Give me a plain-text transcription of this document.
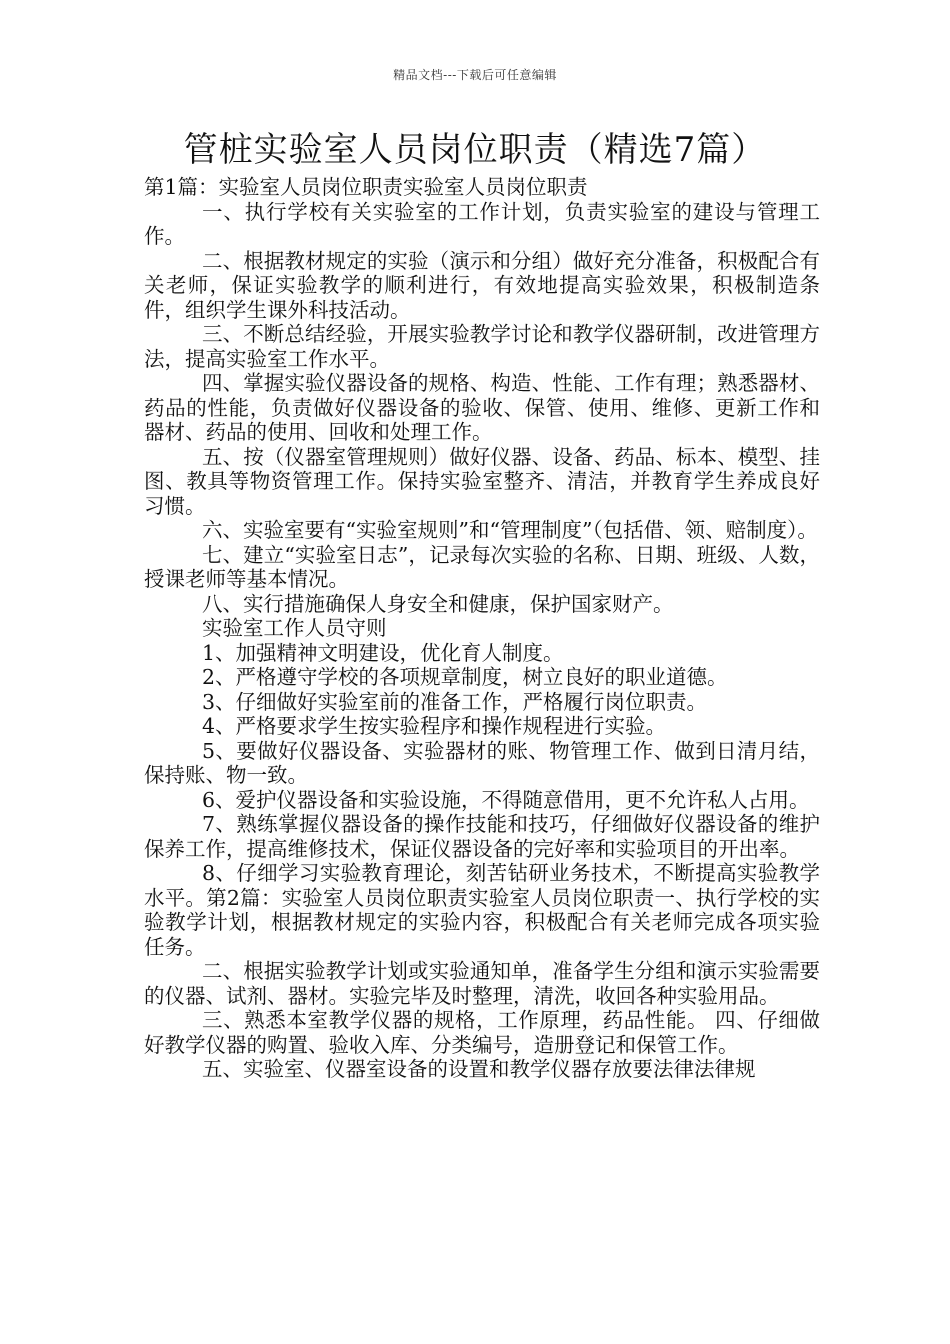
精品文档---下载后可任意编辑
管桩实验室人员岗位职责（精选7篇）

第1篇：实验室人员岗位职责实验室人员岗位职责

一、执行学校有关实验室的工作计划，负责实验室的建设与管理工作。

二、根据教材规定的实验（演示和分组）做好充分准备，积极配合有关老师，保证实验教学的顺利进行，有效地提高实验效果，积极制造条件，组织学生课外科技活动。

三、不断总结经验，开展实验教学讨论和教学仪器研制，改进管理方法，提高实验室工作水平。

四、掌握实验仪器设备的规格、构造、性能、工作有理；熟悉器材、药品的性能，负责做好仪器设备的验收、保管、使用、维修、更新工作和器材、药品的使用、回收和处理工作。

五、按（仪器室管理规则）做好仪器、设备、药品、标本、模型、挂图、教具等物资管理工作。保持实验室整齐、清洁，并教育学生养成良好习惯。

六、实验室要有“实验室规则”和“管理制度”（包括借、领、赔制度）。

七、建立“实验室日志”，记录每次实验的名称、日期、班级、人数，授课老师等基本情况。

八、实行措施确保人身安全和健康，保护国家财产。

实验室工作人员守则

1、加强精神文明建设，优化育人制度。

2、严格遵守学校的各项规章制度，树立良好的职业道德。

3、仔细做好实验室前的准备工作，严格履行岗位职责。

4、严格要求学生按实验程序和操作规程进行实验。

5、要做好仪器设备、实验器材的账、物管理工作、做到日清月结，保持账、物一致。

6、爱护仪器设备和实验设施，不得随意借用，更不允许私人占用。

7、熟练掌握仪器设备的操作技能和技巧，仔细做好仪器设备的维护保养工作，提高维修技术，保证仪器设备的完好率和实验项目的开出率。

8、仔细学习实验教育理论，刻苦钻研业务技术，不断提高实验教学水平。第2篇：实验室人员岗位职责实验室人员岗位职责一、执行学校的实验教学计划，根据教材规定的实验内容，积极配合有关老师完成各项实验任务。

二、根据实验教学计划或实验通知单，准备学生分组和演示实验需要的仪器、试剂、器材。实验完毕及时整理，清洗，收回各种实验用品。

三、熟悉本室教学仪器的规格，工作原理，药品性能。 四、仔细做好教学仪器的购置、验收入库、分类编号，造册登记和保管工作。

五、实验室、仪器室设备的设置和教学仪器存放要法律法律规
